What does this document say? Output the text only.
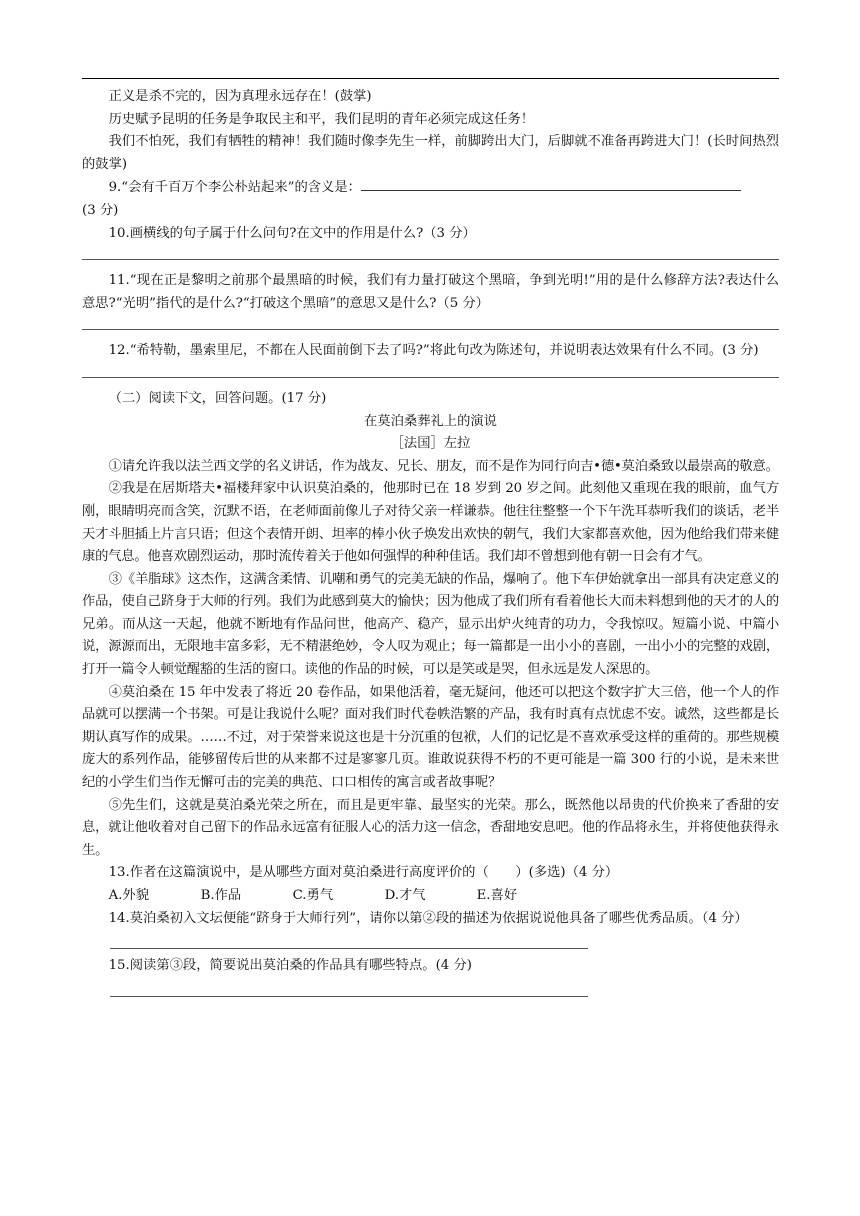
正义是杀不完的，因为真理永远存在！(鼓掌)

历史赋予昆明的任务是争取民主和平，我们昆明的青年必须完成这任务！

我们不怕死，我们有牺牲的精神！我们随时像李先生一样，前脚跨出大门，后脚就不准备再跨进大门！(长时间热烈的鼓掌)

9.“会有千百万个李公朴站起来”的含义是：

(3 分)

10.画横线的句子属于什么问句?在文中的作用是什么?（3 分）

11.“现在正是黎明之前那个最黑暗的时候，我们有力量打破这个黑暗，争到光明!”用的是什么修辞方法?表达什么意思?“光明”指代的是什么?“打破这个黑暗”的意思又是什么?（5 分）

12.“希特勒，墨索里尼，不都在人民面前倒下去了吗?”将此句改为陈述句，并说明表达效果有什么不同。(3 分)

（二）阅读下文，回答问题。(17 分)

在莫泊桑葬礼上的演说

［法国］左拉

①请允许我以法兰西文学的名义讲话，作为战友、兄长、朋友，而不是作为同行向吉•德•莫泊桑致以最崇高的敬意。

②我是在居斯塔夫•福楼拜家中认识莫泊桑的，他那时已在 18 岁到 20 岁之间。此刻他又重现在我的眼前，血气方刚，眼睛明亮而含笑，沉默不语，在老师面前像儿子对待父亲一样谦恭。他往往整整一个下午洗耳恭听我们的谈话，老半天才斗胆插上片言只语；但这个表情开朗、坦率的棒小伙子焕发出欢快的朝气，我们大家都喜欢他，因为他给我们带来健康的气息。他喜欢剧烈运动，那时流传着关于他如何强悍的种种佳话。我们却不曾想到他有朝一日会有才气。

③《羊脂球》这杰作，这满含柔情、讥嘲和勇气的完美无缺的作品，爆响了。他下车伊始就拿出一部具有决定意义的作品，使自己跻身于大师的行列。我们为此感到莫大的愉快；因为他成了我们所有看着他长大而未料想到他的天才的人的兄弟。而从这一天起，他就不断地有作品问世，他高产、稳产，显示出炉火纯青的功力，令我惊叹。短篇小说、中篇小说，源源而出，无限地丰富多彩，无不精湛绝妙，令人叹为观止；每一篇都是一出小小的喜剧，一出小小的完整的戏剧，打开一篇令人顿觉醒豁的生活的窗口。读他的作品的时候，可以是笑或是哭，但永远是发人深思的。

④莫泊桑在 15 年中发表了将近 20 卷作品，如果他活着，毫无疑问，他还可以把这个数字扩大三倍，他一个人的作品就可以摆满一个书架。可是让我说什么呢？面对我们时代卷帙浩繁的产品，我有时真有点忧虑不安。诚然，这些都是长期认真写作的成果。……不过，对于荣誉来说这也是十分沉重的包袱，人们的记忆是不喜欢承受这样的重荷的。那些规模庞大的系列作品，能够留传后世的从来都不过是寥寥几页。谁敢说获得不朽的不更可能是一篇 300 行的小说，是未来世纪的小学生们当作无懈可击的完美的典范、口口相传的寓言或者故事呢？

⑤先生们，这就是莫泊桑光荣之所在，而且是更牢靠、最坚实的光荣。那么，既然他以昂贵的代价换来了香甜的安息，就让他收着对自己留下的作品永远富有征服人心的活力这一信念，香甜地安息吧。他的作品将永生，并将使他获得永生。

13.作者在这篇演说中，是从哪些方面对莫泊桑进行高度评价的（　　）(多选)（4 分）

A.外貌	B.作品	C.勇气	D.才气	E.喜好

14.莫泊桑初入文坛便能“跻身于大师行列”，请你以第②段的描述为依据说说他具备了哪些优秀品质。（4 分）

15.阅读第③段，简要说出莫泊桑的作品具有哪些特点。(4 分)
